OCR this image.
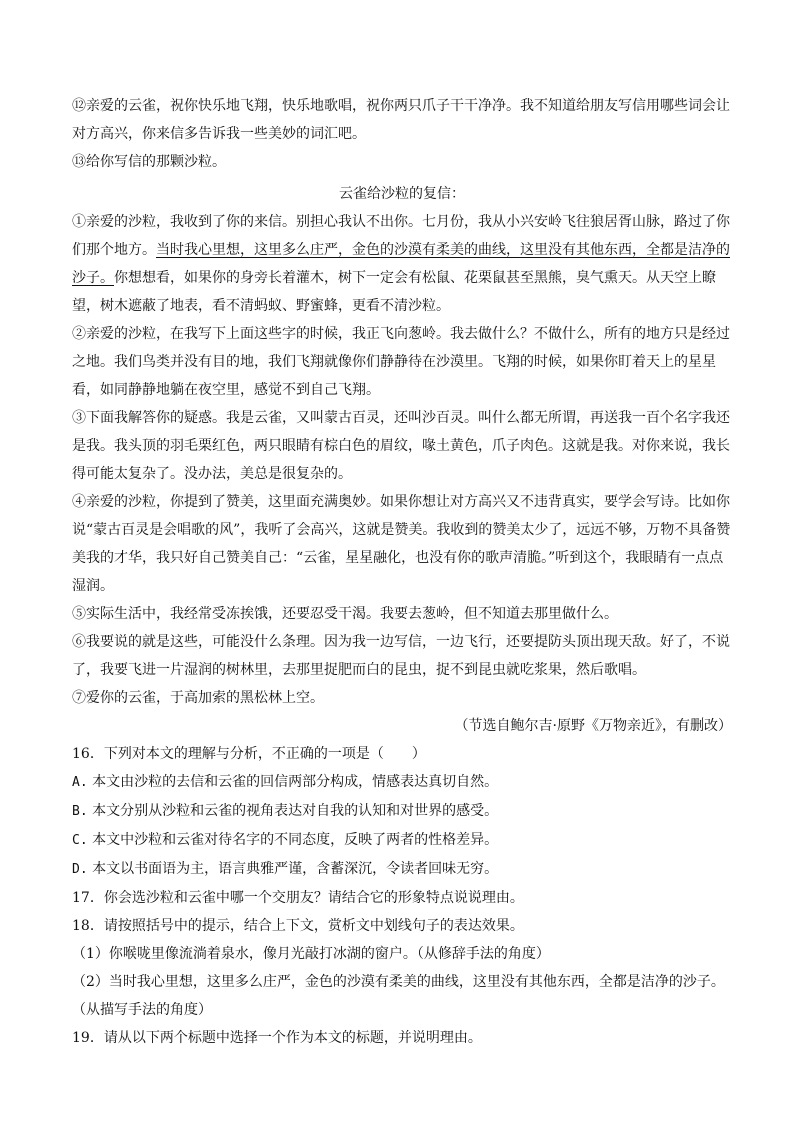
⑫亲爱的云雀，祝你快乐地飞翔，快乐地歌唱，祝你两只爪子干干净净。我不知道给朋友写信用哪些词会让对方高兴，你来信多告诉我一些美妙的词汇吧。

⑬给你写信的那颗沙粒。

云雀给沙粒的复信：

①亲爱的沙粒，我收到了你的来信。别担心我认不出你。七月份，我从小兴安岭飞往狼居胥山脉，路过了你们那个地方。当时我心里想，这里多么庄严，金色的沙漠有柔美的曲线，这里没有其他东西，全都是洁净的沙子。你想想看，如果你的身旁长着灌木，树下一定会有松鼠、花栗鼠甚至黑熊，臭气熏天。从天空上瞭望，树木遮蔽了地表，看不清蚂蚁、野蜜蜂，更看不清沙粒。

②亲爱的沙粒，在我写下上面这些字的时候，我正飞向葱岭。我去做什么？不做什么，所有的地方只是经过之地。我们鸟类并没有目的地，我们飞翔就像你们静静待在沙漠里。飞翔的时候，如果你盯着天上的星星看，如同静静地躺在夜空里，感觉不到自己飞翔。

③下面我解答你的疑惑。我是云雀，又叫蒙古百灵，还叫沙百灵。叫什么都无所谓，再送我一百个名字我还是我。我头顶的羽毛栗红色，两只眼睛有棕白色的眉纹，喙土黄色，爪子肉色。这就是我。对你来说，我长得可能太复杂了。没办法，美总是很复杂的。

④亲爱的沙粒，你提到了赞美，这里面充满奥妙。如果你想让对方高兴又不违背真实，要学会写诗。比如你说“蒙古百灵是会唱歌的风”，我听了会高兴，这就是赞美。我收到的赞美太少了，远远不够，万物不具备赞美我的才华，我只好自己赞美自己：“云雀，星星融化，也没有你的歌声清脆。”听到这个，我眼睛有一点点湿润。

⑤实际生活中，我经常受冻挨饿，还要忍受干渴。我要去葱岭，但不知道去那里做什么。

⑥我要说的就是这些，可能没什么条理。因为我一边写信，一边飞行，还要提防头顶出现天敌。好了，不说了，我要飞进一片湿润的树林里，去那里捉肥而白的昆虫，捉不到昆虫就吃浆果，然后歌唱。

⑦爱你的云雀，于高加索的黑松林上空。

（节选自鲍尔吉·原野《万物亲近》，有删改）

16．下列对本文的理解与分析，不正确的一项是（　　）

A. 本文由沙粒的去信和云雀的回信两部分构成，情感表达真切自然。

B. 本文分别从沙粒和云雀的视角表达对自我的认知和对世界的感受。

C. 本文中沙粒和云雀对待名字的不同态度，反映了两者的性格差异。

D. 本文以书面语为主，语言典雅严谨，含蓄深沉，令读者回味无穷。

17．你会选沙粒和云雀中哪一个交朋友？请结合它的形象特点说说理由。

18．请按照括号中的提示，结合上下文，赏析文中划线句子的表达效果。

（1）你喉咙里像流淌着泉水，像月光敲打冰湖的窗户。（从修辞手法的角度）

（2）当时我心里想，这里多么庄严，金色的沙漠有柔美的曲线，这里没有其他东西，全都是洁净的沙子。（从描写手法的角度）

19．请从以下两个标题中选择一个作为本文的标题，并说明理由。
